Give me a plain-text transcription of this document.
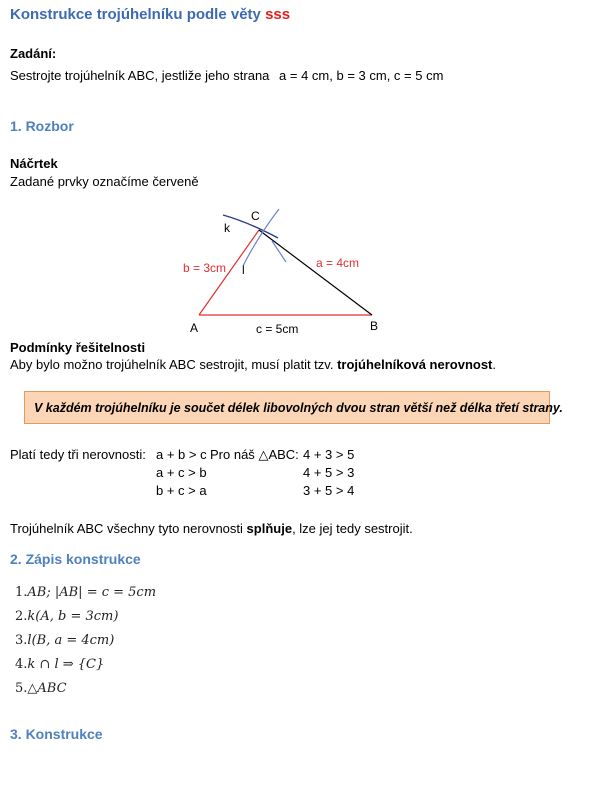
Konstrukce trojúhelníku podle věty sss
Zadání:
Sestrojte trojúhelník ABC, jestliže jeho strana a = 4 cm, b = 3 cm, c = 5 cm
1. Rozbor
Náčrtek
Zadané prvky označíme červeně
C
k
l
b = 3cm	a = 4cm
A	B
c = 5cm
Podmínky řešitelnosti
Aby bylo možno trojúhelník ABC sestrojit, musí platit tzv. trojúhelníková nerovnost.
V každém trojúhelníku je součet délek libovolných dvou stran větší než délka třetí strany.
Platí tedy tři nerovnosti: a + b > c
a + c > b
b + c > a
Pro náš △ABC: 4 + 3 > 5
4 + 5 > 3
3 + 5 > 4
Trojúhelník ABC všechny tyto nerovnosti splňuje, lze jej tedy sestrojit.
2. Zápis konstrukce
1.AB; |AB| = c = 5cm
2.k(A, b = 3cm)
3.l(B, a = 4cm)
4.k ∩ l ⇒ {C}
5.△ABC
3. Konstrukce
